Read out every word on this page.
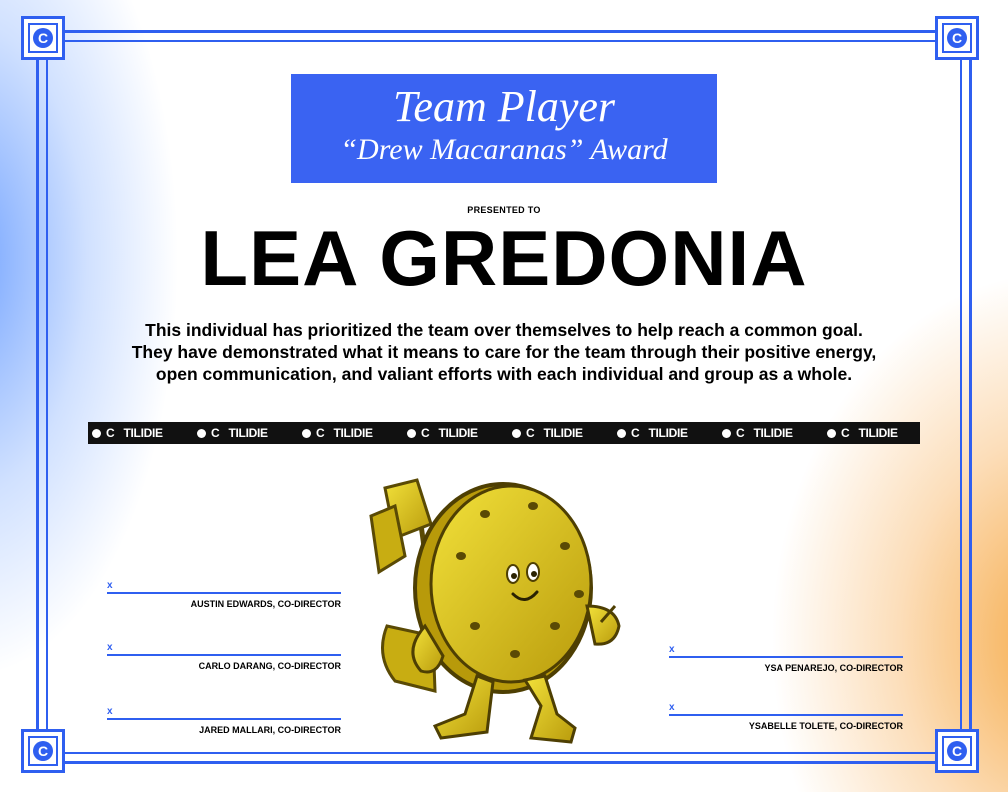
C	C
C	C
Team Player
“Drew Macaranas” Award
PRESENTED TO
LEA GREDONIA
This individual has prioritized the team over themselves to help reach a common goal.
They have demonstrated what it means to care for the team through their positive energy,
open communication, and valiant efforts with each individual and group as a whole.
C TILIDIE	C TILIDIE	C TILIDIE	C TILIDIE	C TILIDIE	C TILIDIE	C TILIDIE	C TILIDIE
x
AUSTIN EDWARDS, CO-DIRECTOR
x
CARLO DARANG, CO-DIRECTOR
x
JARED MALLARI, CO-DIRECTOR
x
YSA PENAREJO, CO-DIRECTOR
x
YSABELLE TOLETE, CO-DIRECTOR
